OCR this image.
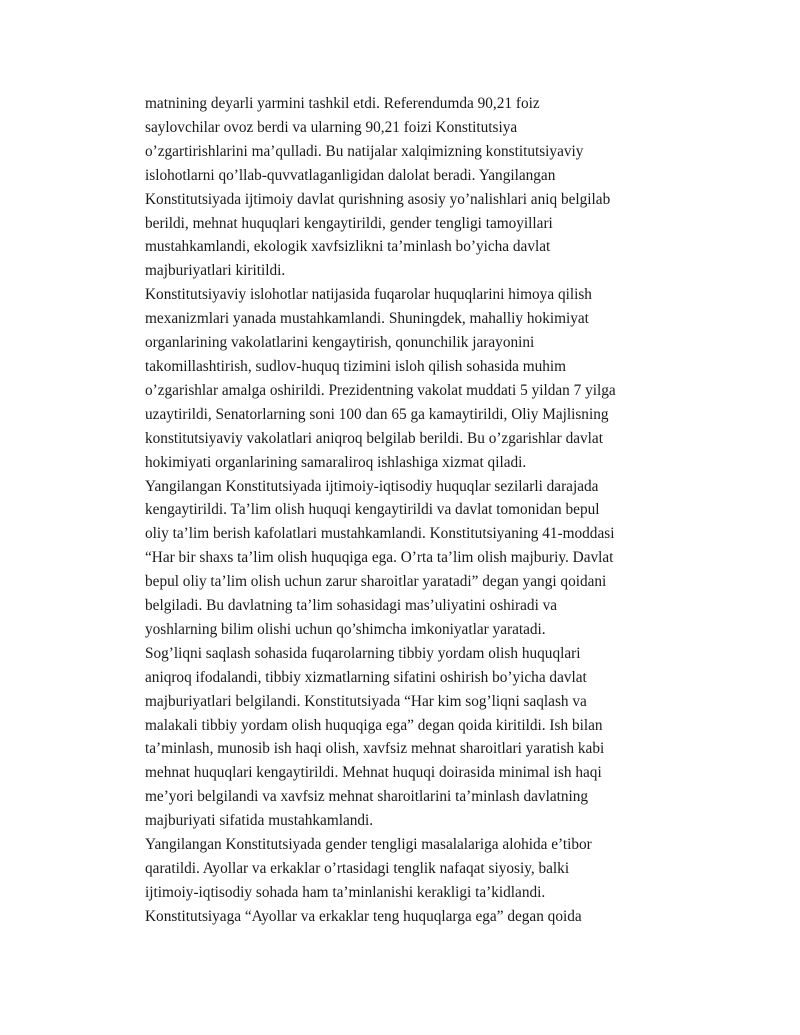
matnining deyarli yarmini tashkil etdi. Referendumda 90,21 foiz
saylovchilar ovoz berdi va ularning 90,21 foizi Konstitutsiya
o’zgartirishlarini ma’qulladi. Bu natijalar xalqimizning konstitutsiyaviy
islohotlarni qo’llab-quvvatlaganligidan dalolat beradi. Yangilangan
Konstitutsiyada ijtimoiy davlat qurishning asosiy yo’nalishlari aniq belgilab
berildi, mehnat huquqlari kengaytirildi, gender tengligi tamoyillari
mustahkamlandi, ekologik xavfsizlikni ta’minlash bo’yicha davlat
majburiyatlari kiritildi.
Konstitutsiyaviy islohotlar natijasida fuqarolar huquqlarini himoya qilish
mexanizmlari yanada mustahkamlandi. Shuningdek, mahalliy hokimiyat
organlarining vakolatlarini kengaytirish, qonunchilik jarayonini
takomillashtirish, sudlov-huquq tizimini isloh qilish sohasida muhim
o’zgarishlar amalga oshirildi. Prezidentning vakolat muddati 5 yildan 7 yilga
uzaytirildi, Senatorlarning soni 100 dan 65 ga kamaytirildi, Oliy Majlisning
konstitutsiyaviy vakolatlari aniqroq belgilab berildi. Bu o’zgarishlar davlat
hokimiyati organlarining samaraliroq ishlashiga xizmat qiladi.
Yangilangan Konstitutsiyada ijtimoiy-iqtisodiy huquqlar sezilarli darajada
kengaytirildi. Ta’lim olish huquqi kengaytirildi va davlat tomonidan bepul
oliy ta’lim berish kafolatlari mustahkamlandi. Konstitutsiyaning 41-moddasi
“Har bir shaxs ta’lim olish huquqiga ega. O’rta ta’lim olish majburiy. Davlat
bepul oliy ta’lim olish uchun zarur sharoitlar yaratadi” degan yangi qoidani
belgiladi. Bu davlatning ta’lim sohasidagi mas’uliyatini oshiradi va
yoshlarning bilim olishi uchun qo’shimcha imkoniyatlar yaratadi.
Sog’liqni saqlash sohasida fuqarolarning tibbiy yordam olish huquqlari
aniqroq ifodalandi, tibbiy xizmatlarning sifatini oshirish bo’yicha davlat
majburiyatlari belgilandi. Konstitutsiyada “Har kim sog’liqni saqlash va
malakali tibbiy yordam olish huquqiga ega” degan qoida kiritildi. Ish bilan
ta’minlash, munosib ish haqi olish, xavfsiz mehnat sharoitlari yaratish kabi
mehnat huquqlari kengaytirildi. Mehnat huquqi doirasida minimal ish haqi
me’yori belgilandi va xavfsiz mehnat sharoitlarini ta’minlash davlatning
majburiyati sifatida mustahkamlandi.
Yangilangan Konstitutsiyada gender tengligi masalalariga alohida e’tibor
qaratildi. Ayollar va erkaklar o’rtasidagi tenglik nafaqat siyosiy, balki
ijtimoiy-iqtisodiy sohada ham ta’minlanishi kerakligi ta’kidlandi.
Konstitutsiyaga “Ayollar va erkaklar teng huquqlarga ega” degan qoida
